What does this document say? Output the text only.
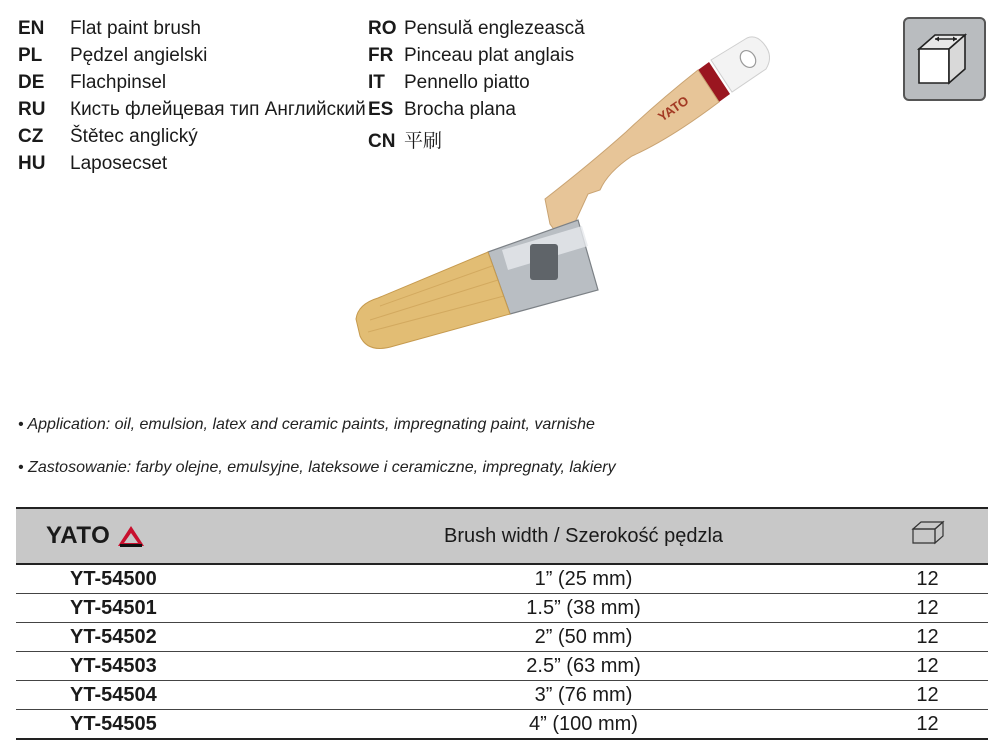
EN	Flat paint brush
PL	Pędzel angielski
DE	Flachpinsel
RU	Кисть флейцевая тип Английский
CZ	Štětec anglický
HU	Laposecset
RO Pensulă englezească
FR Pinceau plat anglais
IT	Pennello piatto
ES Brocha plana
CN 平刷
YATO
• Application: oil, emulsion, latex and ceramic paints, impregnating paint, varnishe
• Zastosowanie: farby olejne, emulsyjne, lateksowe i ceramiczne, impregnaty, lakiery
YATO	Brush width / Szerokość pędzla	
YT-54500	1” (25 mm)	12
YT-54501	1.5” (38 mm)	12
YT-54502	2” (50 mm)	12
YT-54503	2.5” (63 mm)	12
YT-54504	3” (76 mm)	12
YT-54505	4” (100 mm)	12
